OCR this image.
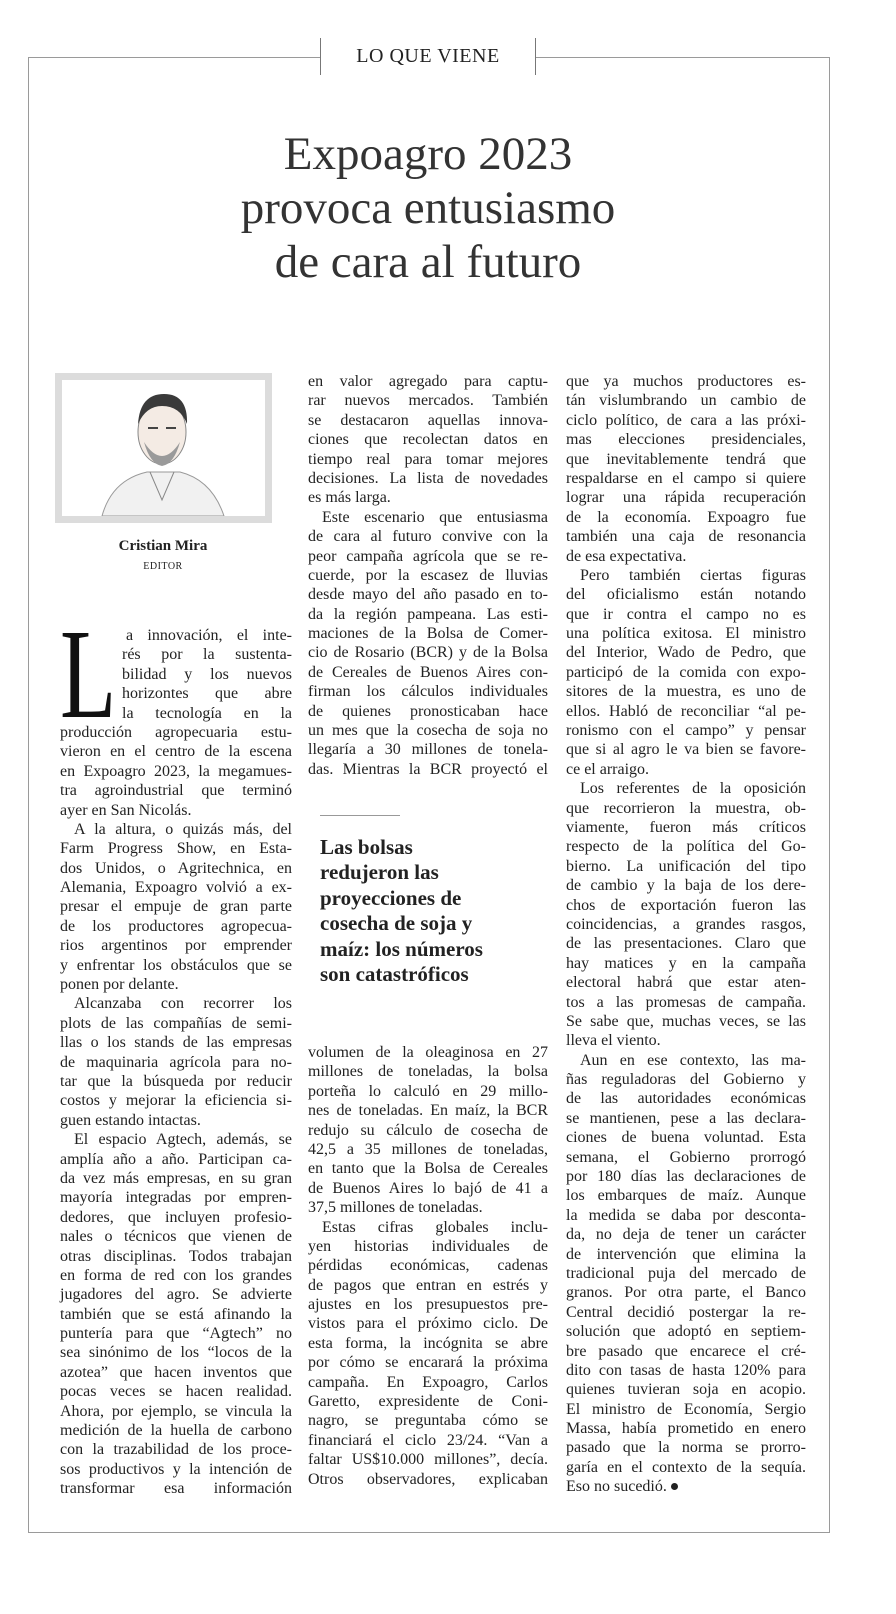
LO QUE VIENE
Expoagro 2023
provoca entusiasmo
de cara al futuro
Cristian Mira
EDITOR
L a innovación, el inte-
rés por la sustenta-
bilidad y los nuevos
horizontes que abre
la tecnología en la
producción agropecuaria estu-
vieron en el centro de la escena
en Expoagro 2023, la megamues-
tra agroindustrial que terminó
ayer en San Nicolás.
A la altura, o quizás más, del
Farm Progress Show, en Esta-
dos Unidos, o Agritechnica, en
Alemania, Expoagro volvió a ex-
presar el empuje de gran parte
de los productores agropecua-
rios argentinos por emprender
y enfrentar los obstáculos que se
ponen por delante.
Alcanzaba con recorrer los
plots de las compañías de semi-
llas o los stands de las empresas
de maquinaria agrícola para no-
tar que la búsqueda por reducir
costos y mejorar la eficiencia si-
guen estando intactas.
El espacio Agtech, además, se
amplía año a año. Participan ca-
da vez más empresas, en su gran
mayoría integradas por empren-
dedores, que incluyen profesio-
nales o técnicos que vienen de
otras disciplinas. Todos trabajan
en forma de red con los grandes
jugadores del agro. Se advierte
también que se está afinando la
puntería para que “Agtech” no
sea sinónimo de los “locos de la
azotea” que hacen inventos que
pocas veces se hacen realidad.
Ahora, por ejemplo, se vincula la
medición de la huella de carbono
con la trazabilidad de los proce-
sos productivos y la intención de
transformar esa información
en valor agregado para captu-
rar nuevos mercados. También
se destacaron aquellas innova-
ciones que recolectan datos en
tiempo real para tomar mejores
decisiones. La lista de novedades
es más larga.
Este escenario que entusiasma
de cara al futuro convive con la
peor campaña agrícola que se re-
cuerde, por la escasez de lluvias
desde mayo del año pasado en to-
da la región pampeana. Las esti-
maciones de la Bolsa de Comer-
cio de Rosario (BCR) y de la Bolsa
de Cereales de Buenos Aires con-
firman los cálculos individuales
de quienes pronosticaban hace
un mes que la cosecha de soja no
llegaría a 30 millones de tonela-
das. Mientras la BCR proyectó el
Las bolsas
redujeron las
proyecciones de
cosecha de soja y
maíz: los números
son catastróficos
volumen de la oleaginosa en 27
millones de toneladas, la bolsa
porteña lo calculó en 29 millo-
nes de toneladas. En maíz, la BCR
redujo su cálculo de cosecha de
42,5 a 35 millones de toneladas,
en tanto que la Bolsa de Cereales
de Buenos Aires lo bajó de 41 a
37,5 millones de toneladas.
Estas cifras globales inclu-
yen historias individuales de
pérdidas económicas, cadenas
de pagos que entran en estrés y
ajustes en los presupuestos pre-
vistos para el próximo ciclo. De
esta forma, la incógnita se abre
por cómo se encarará la próxima
campaña. En Expoagro, Carlos
Garetto, expresidente de Coni-
nagro, se preguntaba cómo se
financiará el ciclo 23/24. “Van a
faltar US$10.000 millones”, decía.
Otros observadores, explicaban
que ya muchos productores es-
tán vislumbrando un cambio de
ciclo político, de cara a las próxi-
mas elecciones presidenciales,
que inevitablemente tendrá que
respaldarse en el campo si quiere
lograr una rápida recuperación
de la economía. Expoagro fue
también una caja de resonancia
de esa expectativa.
Pero también ciertas figuras
del oficialismo están notando
que ir contra el campo no es
una política exitosa. El ministro
del Interior, Wado de Pedro, que
participó de la comida con expo-
sitores de la muestra, es uno de
ellos. Habló de reconciliar “al pe-
ronismo con el campo” y pensar
que si al agro le va bien se favore-
ce el arraigo.
Los referentes de la oposición
que recorrieron la muestra, ob-
viamente, fueron más críticos
respecto de la política del Go-
bierno. La unificación del tipo
de cambio y la baja de los dere-
chos de exportación fueron las
coincidencias, a grandes rasgos,
de las presentaciones. Claro que
hay matices y en la campaña
electoral habrá que estar aten-
tos a las promesas de campaña.
Se sabe que, muchas veces, se las
lleva el viento.
Aun en ese contexto, las ma-
ñas reguladoras del Gobierno y
de las autoridades económicas
se mantienen, pese a las declara-
ciones de buena voluntad. Esta
semana, el Gobierno prorrogó
por 180 días las declaraciones de
los embarques de maíz. Aunque
la medida se daba por desconta-
da, no deja de tener un carácter
de intervención que elimina la
tradicional puja del mercado de
granos. Por otra parte, el Banco
Central decidió postergar la re-
solución que adoptó en septiem-
bre pasado que encarece el cré-
dito con tasas de hasta 120% para
quienes tuvieran soja en acopio.
El ministro de Economía, Sergio
Massa, había prometido en enero
pasado que la norma se prorro-
garía en el contexto de la sequía.
Eso no sucedió.
